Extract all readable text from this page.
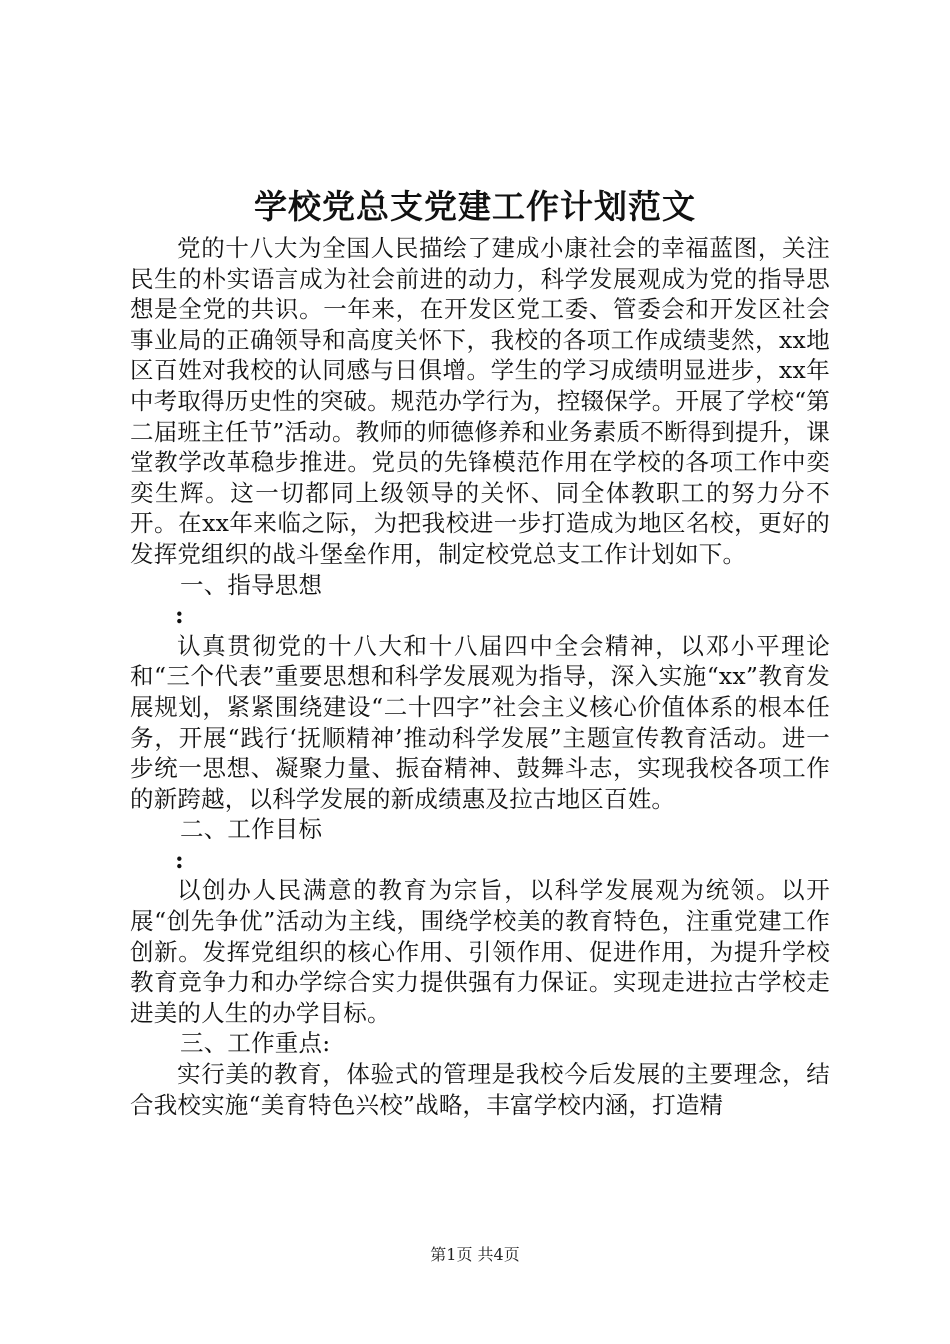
学校党总支党建工作计划范文

党的十八大为全国人民描绘了建成小康社会的幸福蓝图，关注民生的朴实语言成为社会前进的动力，科学发展观成为党的指导思想是全党的共识。一年来，在开发区党工委、管委会和开发区社会事业局的正确领导和高度关怀下，我校的各项工作成绩斐然，xx地区百姓对我校的认同感与日俱增。学生的学习成绩明显进步，xx年中考取得历史性的突破。规范办学行为，控辍保学。开展了学校“第二届班主任节”活动。教师的师德修养和业务素质不断得到提升，课堂教学改革稳步推进。党员的先锋模范作用在学校的各项工作中奕奕生辉。这一切都同上级领导的关怀、同全体教职工的努力分不开。在xx年来临之际，为把我校进一步打造成为地区名校，更好的发挥党组织的战斗堡垒作用，制定校党总支工作计划如下。

一、指导思想

:

认真贯彻党的十八大和十八届四中全会精神，以邓小平理论和“三个代表”重要思想和科学发展观为指导，深入实施“xx”教育发展规划，紧紧围绕建设“二十四字”社会主义核心价值体系的根本任务，开展“践行‘抚顺精神’推动科学发展”主题宣传教育活动。进一步统一思想、凝聚力量、振奋精神、鼓舞斗志，实现我校各项工作的新跨越，以科学发展的新成绩惠及拉古地区百姓。

二、工作目标

:

以创办人民满意的教育为宗旨，以科学发展观为统领。以开展“创先争优”活动为主线，围绕学校美的教育特色，注重党建工作创新。发挥党组织的核心作用、引领作用、促进作用，为提升学校教育竞争力和办学综合实力提供强有力保证。实现走进拉古学校走进美的人生的办学目标。

三、工作重点:

实行美的教育，体验式的管理是我校今后发展的主要理念，结合我校实施“美育特色兴校”战略，丰富学校内涵，打造精

第1页 共4页
